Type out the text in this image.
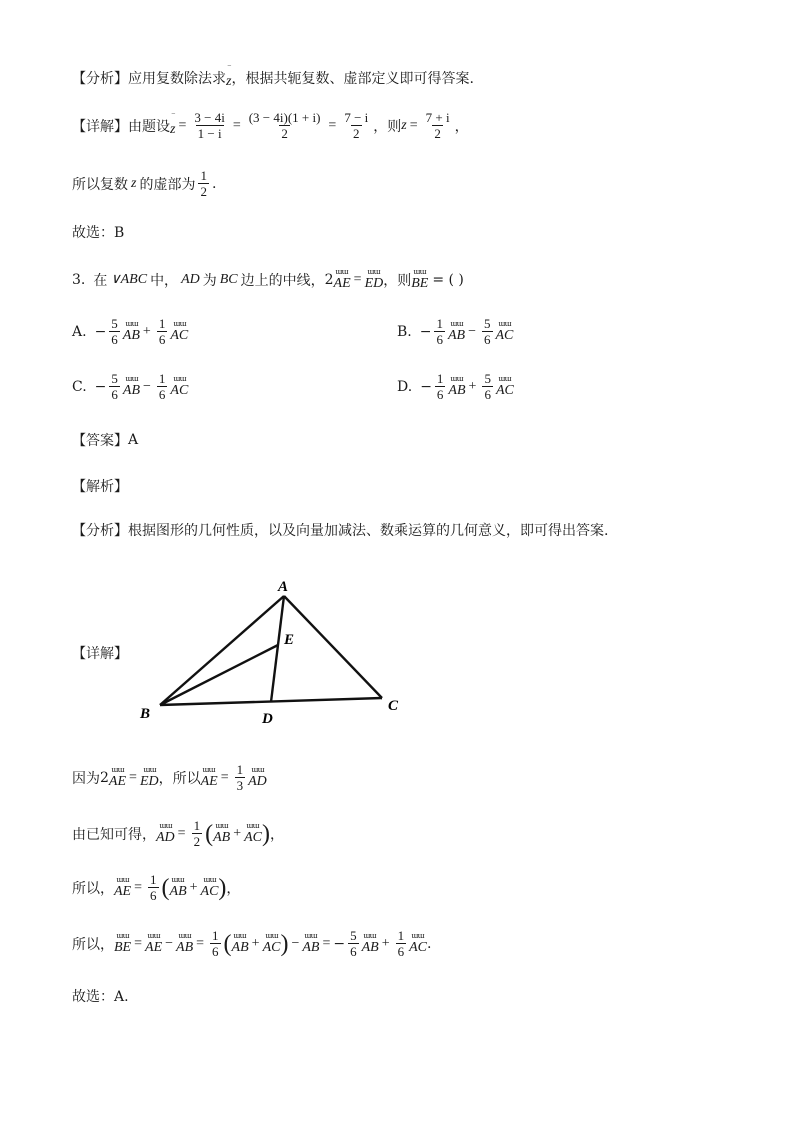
【分析】 应用复数除法求
‾
z ，根据共轭复数、虚部定义即可得答案.
【详解】 由题设
‾
$z = \frac{3 - 4i}{1 - i} = \frac{(3 - 4i)(1 + i)}{2} = \frac{7 - i}{2}$ ，则 $z = \frac{7 + i}{2}$ ，
所以复数 z 的虚部为 $\frac{1}{2}$ .
故选：B
3. 在 ∨ABC 中， AD 为 BC 边上的中线， 2 ɯɯ
AE = ɯɯ
ED ，则
ɯɯ
BE = ( )
A. − $\frac{5}{6}$ ɯɯ
AB + $\frac{1}{6}$ ɯɯ
AC	B. − $\frac{1}{6}$ ɯɯ
AB − $\frac{5}{6}$ ɯɯ
AC
C. − $\frac{5}{6}$ ɯɯ
AB − $\frac{1}{6}$ ɯɯ
AC	D. − $\frac{1}{6}$ ɯɯ
AB + $\frac{5}{6}$ ɯɯ
AC
【答案】 A
【解析】
【分析】 根据图形的几何性质，以及向量加减法、数乘运算的几何意义，即可得出答案.
【详解】
A
B	C
D
E
因为 2 ɯɯ
AE = ɯɯ
ED ，所以
ɯɯ
AE = $\frac{1}{3}$ ɯɯ
AD
由已知可得，
ɯɯ
AD = $\frac{1}{2}$ ( ɯɯ
AB + ɯɯ
AC ) ，
所以，
ɯɯ
AE = $\frac{1}{6}$ ( ɯɯ
AB + ɯɯ
AC ) ，
所以，
ɯɯ
BE = ɯɯ
AE − ɯɯ
AB = $\frac{1}{6}$ ( ɯɯ
AB + ɯɯ
AC ) − ɯɯ
AB = − $\frac{5}{6}$ ɯɯ
AB + $\frac{1}{6}$ ɯɯ
AC .
故选：A.
